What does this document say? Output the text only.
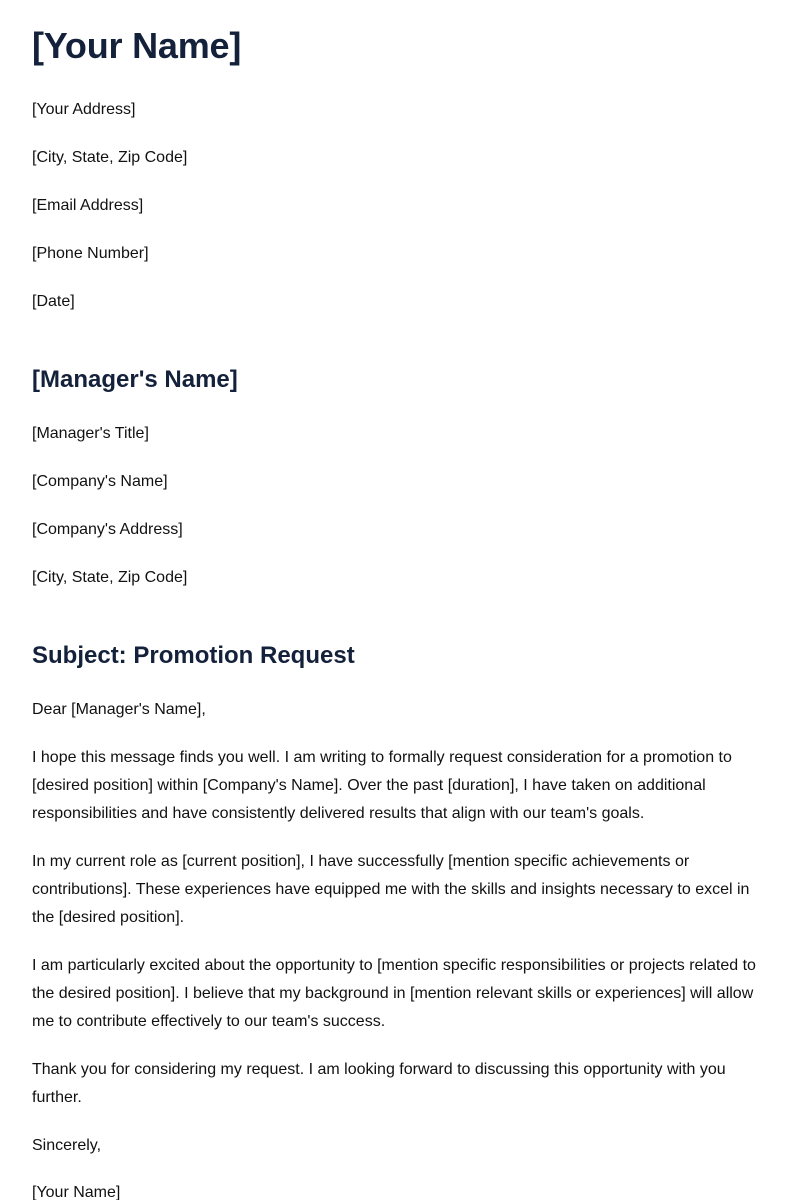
[Your Name]

[Your Address]

[City, State, Zip Code]

[Email Address]

[Phone Number]

[Date]

[Manager's Name]

[Manager's Title]

[Company's Name]

[Company's Address]

[City, State, Zip Code]

Subject: Promotion Request

Dear [Manager's Name],

I hope this message finds you well. I am writing to formally request consideration for a promotion to [desired position] within [Company's Name]. Over the past [duration], I have taken on additional responsibilities and have consistently delivered results that align with our team's goals.

In my current role as [current position], I have successfully [mention specific achievements or contributions]. These experiences have equipped me with the skills and insights necessary to excel in the [desired position].

I am particularly excited about the opportunity to [mention specific responsibilities or projects related to the desired position]. I believe that my background in [mention relevant skills or experiences] will allow me to contribute effectively to our team's success.

Thank you for considering my request. I am looking forward to discussing this opportunity with you further.

Sincerely,

[Your Name]
